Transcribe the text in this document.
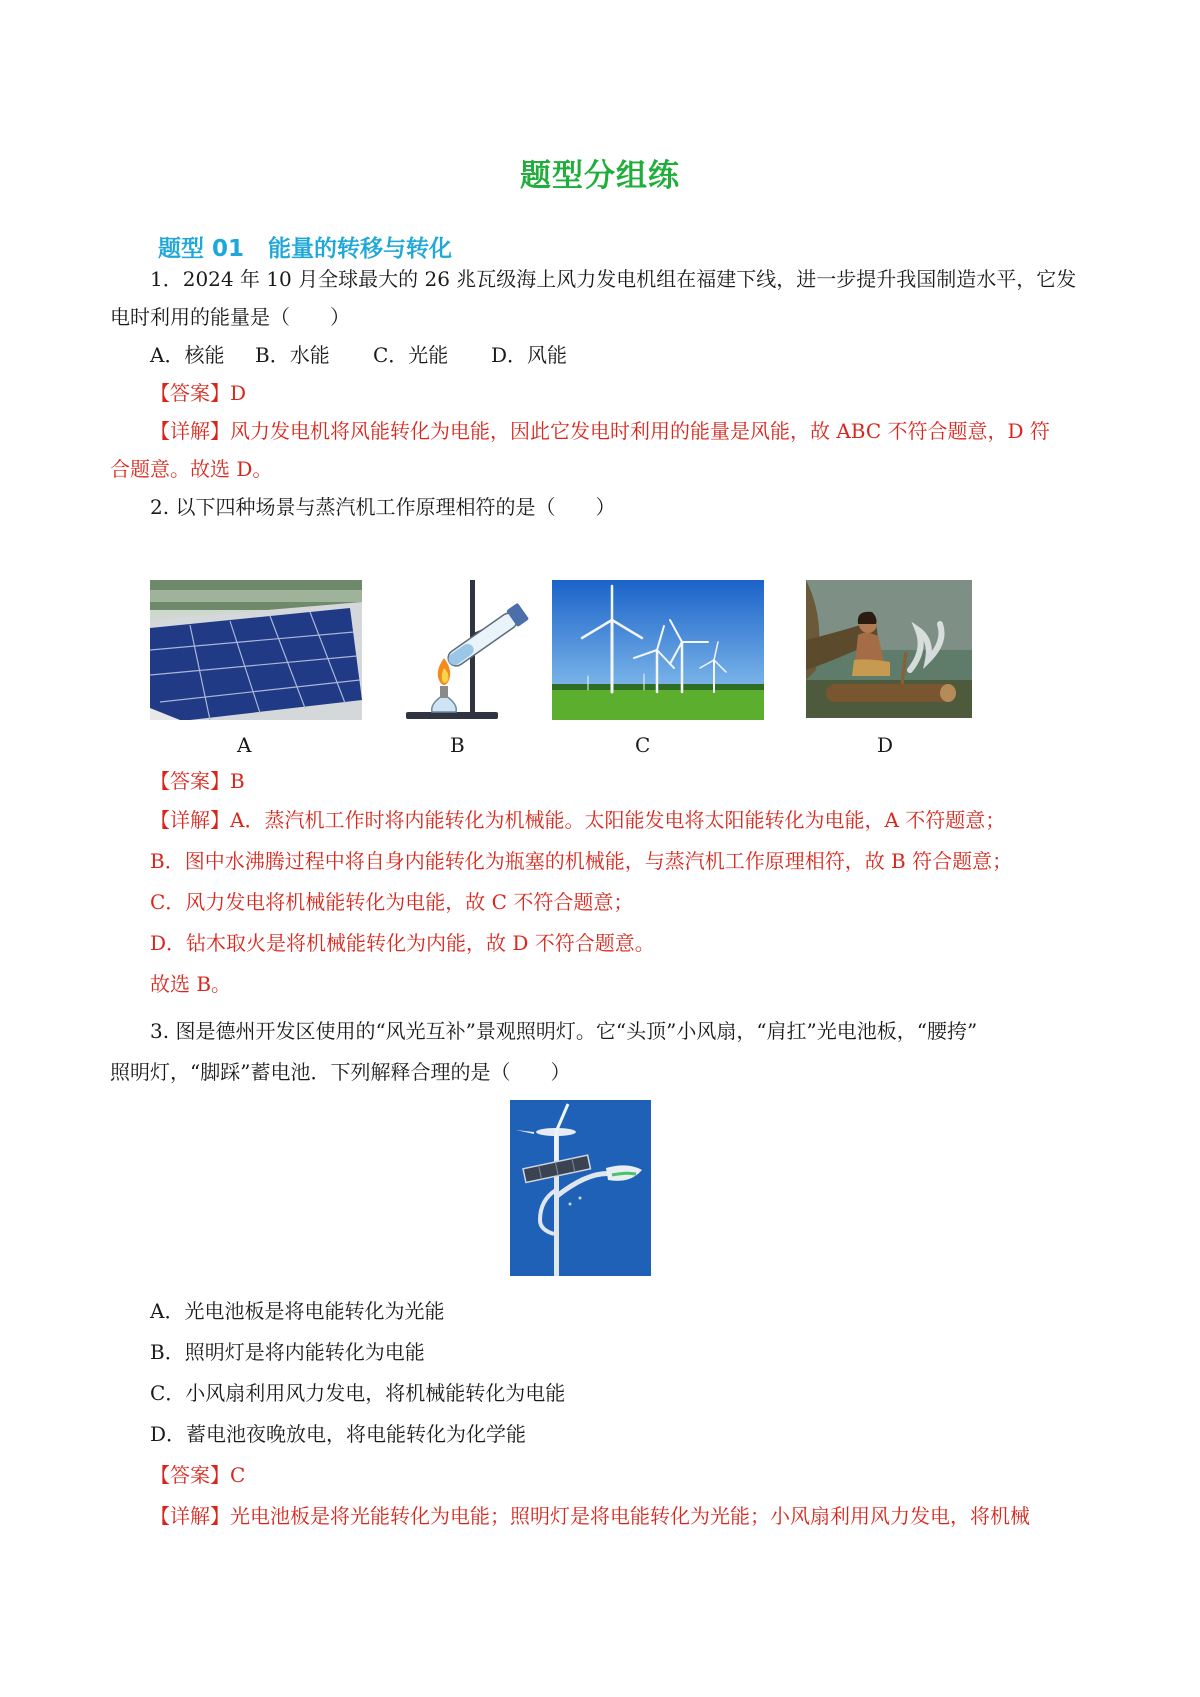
题型分组练
题型 01 能量的转移与转化
1．2024 年 10 月全球最大的 26 兆瓦级海上风力发电机组在福建下线，进一步提升我国制造水平，它发
电时利用的能量是（　　）
A．核能 B．水能 C．光能 D．风能
【答案】D
【详解】风力发电机将风能转化为电能，因此它发电时利用的能量是风能，故 ABC 不符合题意，D 符
合题意。故选 D。
2. 以下四种场景与蒸汽机工作原理相符的是（　　）
A	B	C	D
【答案】B
【详解】A．蒸汽机工作时将内能转化为机械能。太阳能发电将太阳能转化为电能，A 不符题意；
B．图中水沸腾过程中将自身内能转化为瓶塞的机械能，与蒸汽机工作原理相符，故 B 符合题意；
C．风力发电将机械能转化为电能，故 C 不符合题意；
D．钻木取火是将机械能转化为内能，故 D 不符合题意。
故选 B。
3. 图是德州开发区使用的“风光互补”景观照明灯。它“头顶”小风扇，“肩扛”光电池板，“腰挎”
照明灯，“脚踩”蓄电池．下列解释合理的是（　　）
A．光电池板是将电能转化为光能
B．照明灯是将内能转化为电能
C．小风扇利用风力发电，将机械能转化为电能
D．蓄电池夜晚放电，将电能转化为化学能
【答案】C
【详解】光电池板是将光能转化为电能；照明灯是将电能转化为光能；小风扇利用风力发电，将机械
